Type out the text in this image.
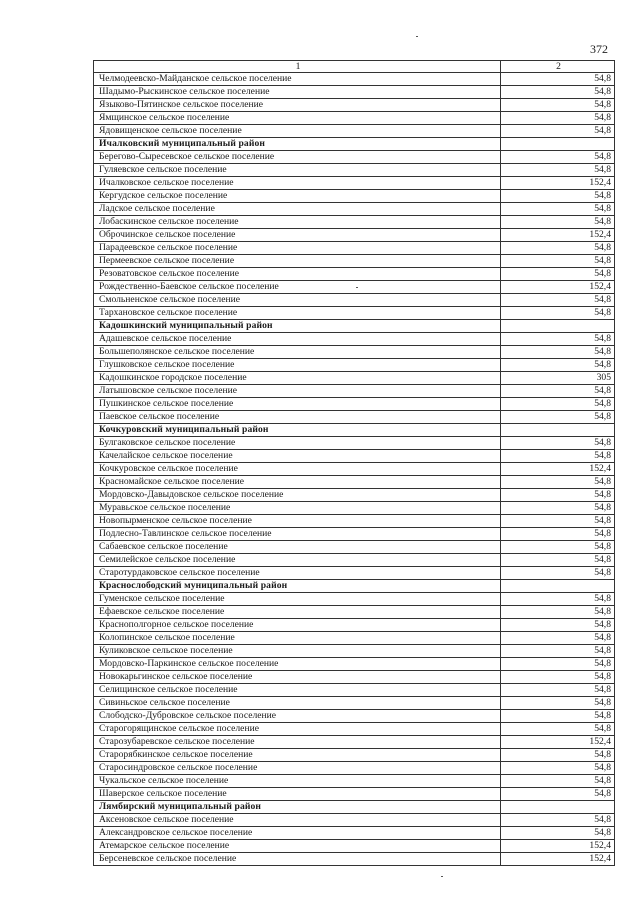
372
1	2
Челмодеевско-Майданское сельское поселение	54,8
Шадымо-Рыскинское сельское поселение	54,8
Языково-Пятинское сельское поселение	54,8
Ямщинское сельское поселение	54,8
Ядовищенское сельское поселение	54,8
Ичалковский муниципальный район	
Берегово-Сыресевское сельское поселение	54,8
Гуляевское сельское поселение	54,8
Ичалковское сельское поселение	152,4
Кергудское сельское поселение	54,8
Ладское сельское поселение	54,8
Лобаскинское сельское поселение	54,8
Оброчинское сельское поселение	152,4
Парадеевское сельское поселение	54,8
Пермеевское сельское поселение	54,8
Резоватовское сельское поселение	54,8
Рождественно-Баевское сельское поселение	152,4
Смольненское сельское поселение	54,8
Тархановское сельское поселение	54,8
Кадошкинский муниципальный район	
Адашевское сельское поселение	54,8
Большеполянское сельское поселение	54,8
Глушковское сельское поселение	54,8
Кадошкинское городское поселение	305
Латышовское сельское поселение	54,8
Пушкинское сельское поселение	54,8
Паевское сельское поселение	54,8
Кочкуровский муниципальный район	
Булгаковское сельское поселение	54,8
Качелайское сельское поселение	54,8
Кочкуровское сельское поселение	152,4
Красномайское сельское поселение	54,8
Мордовско-Давыдовское сельское поселение	54,8
Муравьское сельское поселение	54,8
Новопырменское сельское поселение	54,8
Подлесно-Тавлинское сельское поселение	54,8
Сабаевское сельское поселение	54,8
Семилейское сельское поселение	54,8
Старотурдаковское сельское поселение	54,8
Краснослободский муниципальный район	
Гуменское сельское поселение	54,8
Ефаевское сельское поселение	54,8
Краснополгорное сельское поселение	54,8
Колопинское сельское поселение	54,8
Куликовское сельское поселение	54,8
Мордовско-Паркинское сельское поселение	54,8
Новокарьгинское сельское поселение	54,8
Селищинское сельское поселение	54,8
Сивиньское сельское поселение	54,8
Слободско-Дубровское сельское поселение	54,8
Старогорящинское сельское поселение	54,8
Старозубаревское сельское поселение	152,4
Старорябкинское сельское поселение	54,8
Старосиндровское сельское поселение	54,8
Чукальское сельское поселение	54,8
Шаверское сельское поселение	54,8
Лямбирский муниципальный район	
Аксеновское сельское поселение	54,8
Александровское сельское поселение	54,8
Атемарское сельское поселение	152,4
Берсеневское сельское поселение	152,4
